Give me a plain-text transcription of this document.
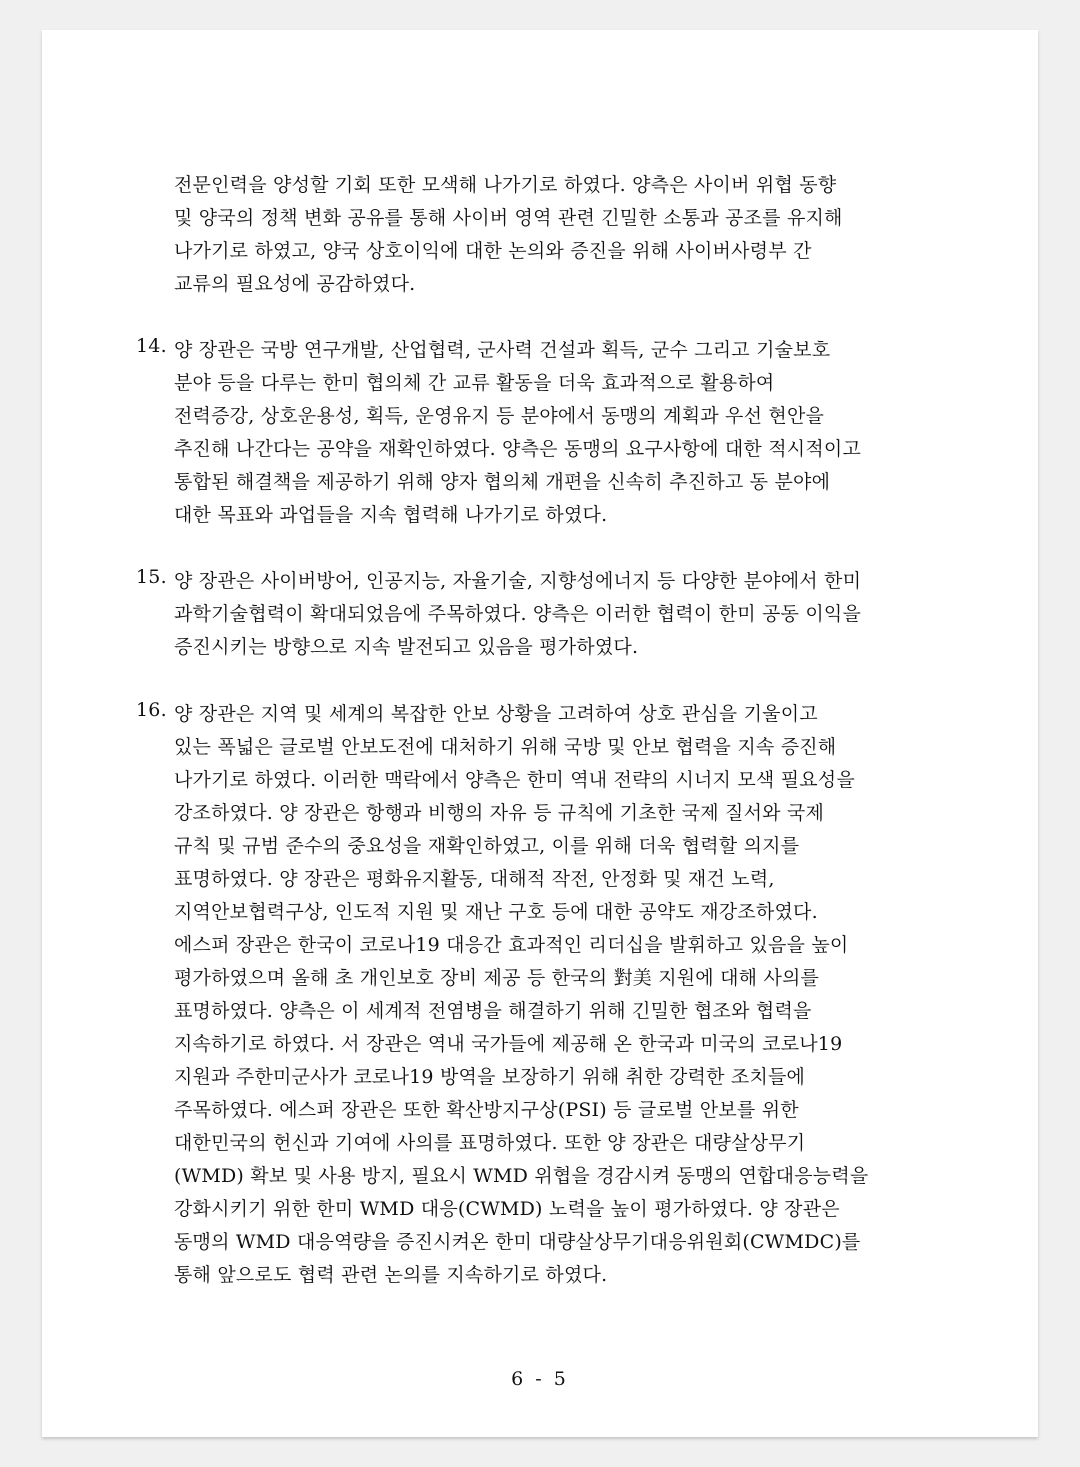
전문인력을 양성할 기회 또한 모색해 나가기로 하였다. 양측은 사이버 위협 동향
및 양국의 정책 변화 공유를 통해 사이버 영역 관련 긴밀한 소통과 공조를 유지해
나가기로 하였고, 양국 상호이익에 대한 논의와 증진을 위해 사이버사령부 간
교류의 필요성에 공감하였다.
14. 양 장관은 국방 연구개발, 산업협력, 군사력 건설과 획득, 군수 그리고 기술보호
분야 등을 다루는 한미 협의체 간 교류 활동을 더욱 효과적으로 활용하여
전력증강, 상호운용성, 획득, 운영유지 등 분야에서 동맹의 계획과 우선 현안을
추진해 나간다는 공약을 재확인하였다. 양측은 동맹의 요구사항에 대한 적시적이고
통합된 해결책을 제공하기 위해 양자 협의체 개편을 신속히 추진하고 동 분야에
대한 목표와 과업들을 지속 협력해 나가기로 하였다.
15. 양 장관은 사이버방어, 인공지능, 자율기술, 지향성에너지 등 다양한 분야에서 한미
과학기술협력이 확대되었음에 주목하였다. 양측은 이러한 협력이 한미 공동 이익을
증진시키는 방향으로 지속 발전되고 있음을 평가하였다.
16. 양 장관은 지역 및 세계의 복잡한 안보 상황을 고려하여 상호 관심을 기울이고
있는 폭넓은 글로벌 안보도전에 대처하기 위해 국방 및 안보 협력을 지속 증진해
나가기로 하였다. 이러한 맥락에서 양측은 한미 역내 전략의 시너지 모색 필요성을
강조하였다. 양 장관은 항행과 비행의 자유 등 규칙에 기초한 국제 질서와 국제
규칙 및 규범 준수의 중요성을 재확인하였고, 이를 위해 더욱 협력할 의지를
표명하였다. 양 장관은 평화유지활동, 대해적 작전, 안정화 및 재건 노력,
지역안보협력구상, 인도적 지원 및 재난 구호 등에 대한 공약도 재강조하였다.
에스퍼 장관은 한국이 코로나19 대응간 효과적인 리더십을 발휘하고 있음을 높이
평가하였으며 올해 초 개인보호 장비 제공 등 한국의 對美 지원에 대해 사의를
표명하였다. 양측은 이 세계적 전염병을 해결하기 위해 긴밀한 협조와 협력을
지속하기로 하였다. 서 장관은 역내 국가들에 제공해 온 한국과 미국의 코로나19
지원과 주한미군사가 코로나19 방역을 보장하기 위해 취한 강력한 조치들에
주목하였다. 에스퍼 장관은 또한 확산방지구상(PSI) 등 글로벌 안보를 위한
대한민국의 헌신과 기여에 사의를 표명하였다. 또한 양 장관은 대량살상무기
(WMD) 확보 및 사용 방지, 필요시 WMD 위협을 경감시켜 동맹의 연합대응능력을
강화시키기 위한 한미 WMD 대응(CWMD) 노력을 높이 평가하였다. 양 장관은
동맹의 WMD 대응역량을 증진시켜온 한미 대량살상무기대응위원회(CWMDC)를
통해 앞으로도 협력 관련 논의를 지속하기로 하였다.
6 - 5
